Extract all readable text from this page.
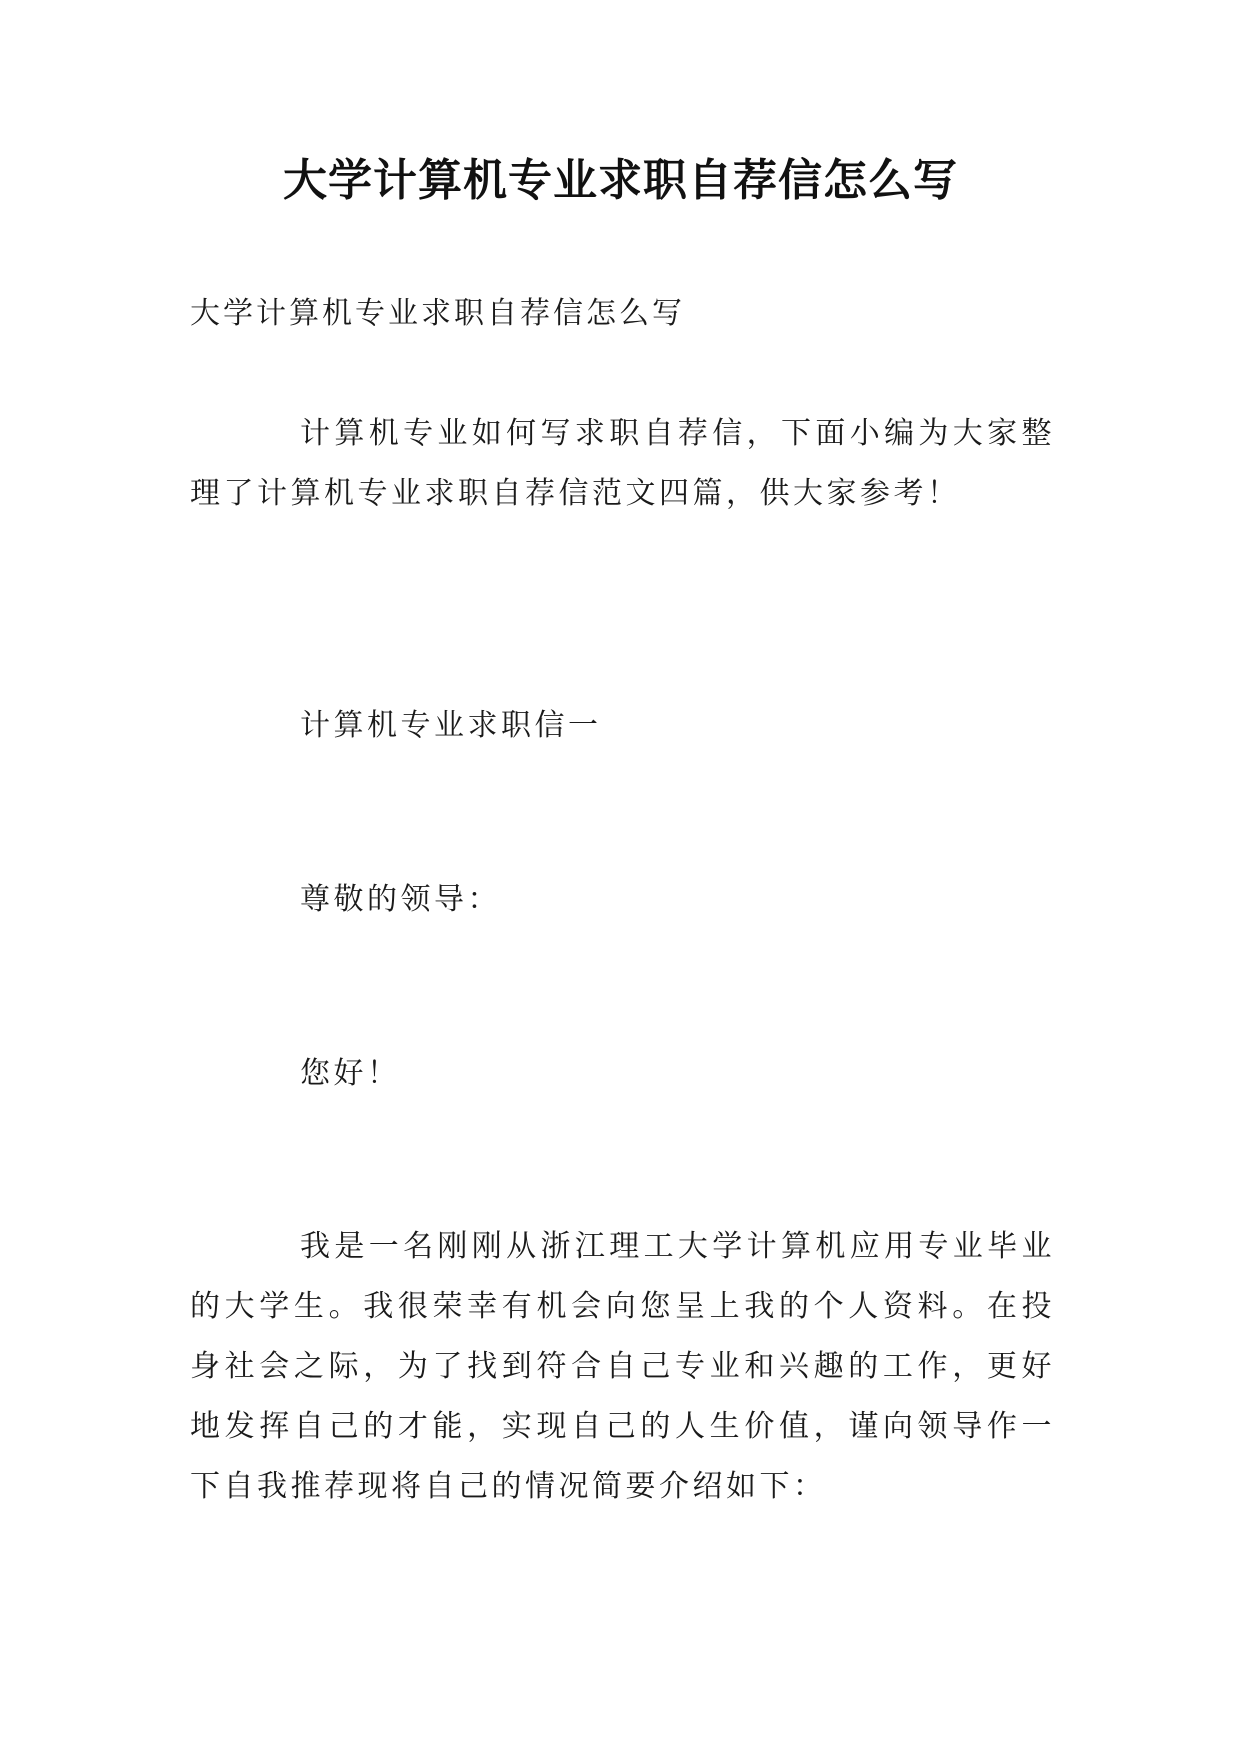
大学计算机专业求职自荐信怎么写

大学计算机专业求职自荐信怎么写

计算机专业如何写求职自荐信，下面小编为大家整理了计算机专业求职自荐信范文四篇，供大家参考！

计算机专业求职信一

尊敬的领导：

您好！

我是一名刚刚从浙江理工大学计算机应用专业毕业的大学生。我很荣幸有机会向您呈上我的个人资料。在投身社会之际，为了找到符合自己专业和兴趣的工作，更好地发挥自己的才能，实现自己的人生价值，谨向领导作一下自我推荐现将自己的情况简要介绍如下：
